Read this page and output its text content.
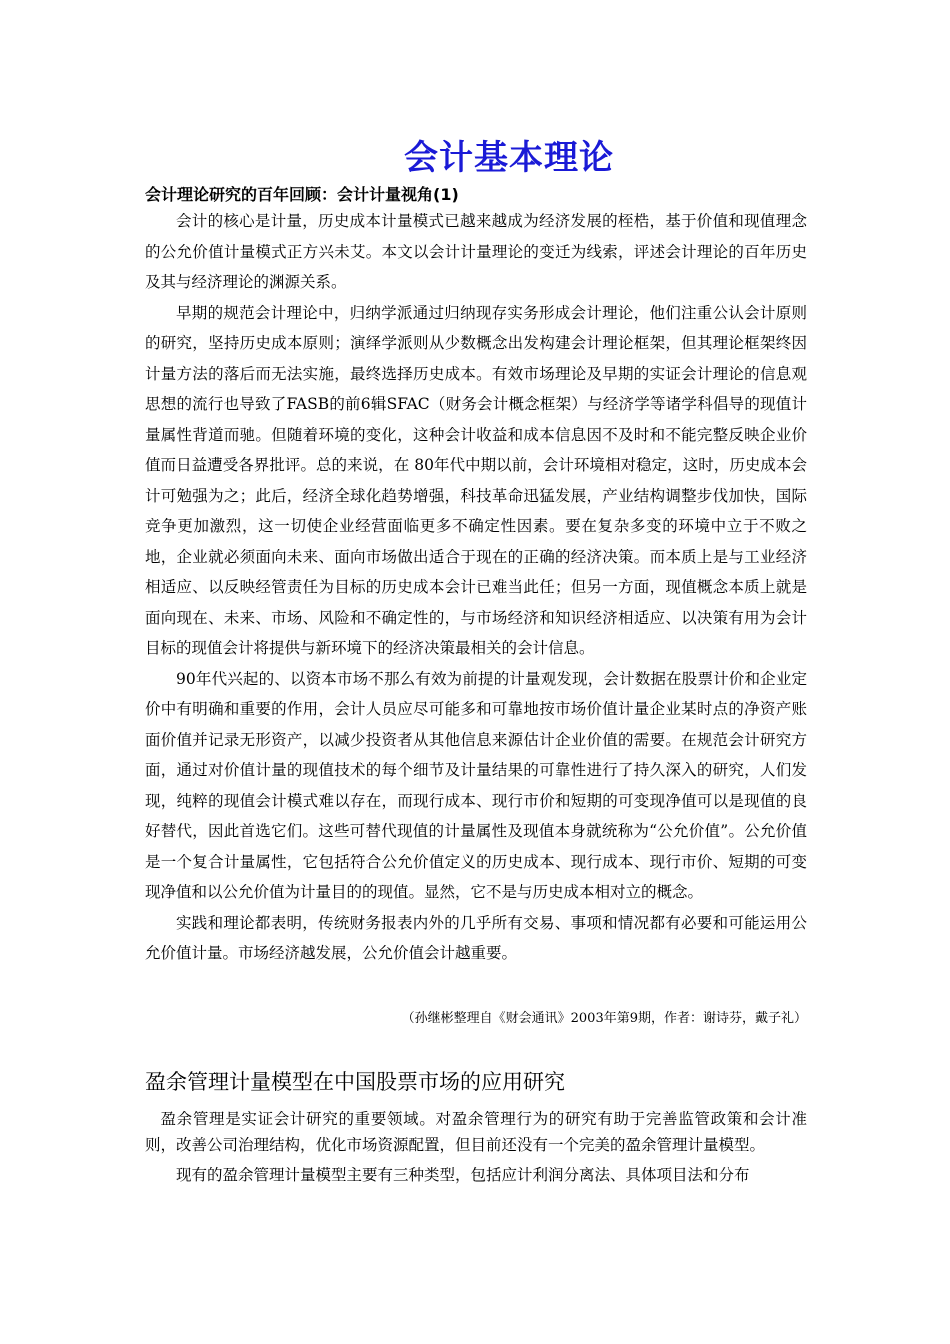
会计基本理论
会计理论研究的百年回顾：会计计量视角(1)

会计的核心是计量，历史成本计量模式已越来越成为经济发展的桎梏，基于价值和现值理念的公允价值计量模式正方兴未艾。本文以会计计量理论的变迁为线索，评述会计理论的百年历史及其与经济理论的渊源关系。

早期的规范会计理论中，归纳学派通过归纳现存实务形成会计理论，他们注重公认会计原则的研究，坚持历史成本原则；演绎学派则从少数概念出发构建会计理论框架，但其理论框架终因计量方法的落后而无法实施，最终选择历史成本。有效市场理论及早期的实证会计理论的信息观思想的流行也导致了FASB的前6辑SFAC（财务会计概念框架）与经济学等诸学科倡导的现值计量属性背道而驰。但随着环境的变化，这种会计收益和成本信息因不及时和不能完整反映企业价值而日益遭受各界批评。总的来说，在 80年代中期以前，会计环境相对稳定，这时，历史成本会计可勉强为之；此后，经济全球化趋势增强，科技革命迅猛发展，产业结构调整步伐加快，国际竞争更加激烈，这一切使企业经营面临更多不确定性因素。要在复杂多变的环境中立于不败之地，企业就必须面向未来、面向市场做出适合于现在的正确的经济决策。而本质上是与工业经济相适应、以反映经管责任为目标的历史成本会计已难当此任；但另一方面，现值概念本质上就是面向现在、未来、市场、风险和不确定性的，与市场经济和知识经济相适应、以决策有用为会计目标的现值会计将提供与新环境下的经济决策最相关的会计信息。

90年代兴起的、以资本市场不那么有效为前提的计量观发现，会计数据在股票计价和企业定价中有明确和重要的作用，会计人员应尽可能多和可靠地按市场价值计量企业某时点的净资产账面价值并记录无形资产，以减少投资者从其他信息来源估计企业价值的需要。在规范会计研究方面，通过对价值计量的现值技术的每个细节及计量结果的可靠性进行了持久深入的研究，人们发现，纯粹的现值会计模式难以存在，而现行成本、现行市价和短期的可变现净值可以是现值的良好替代，因此首选它们。这些可替代现值的计量属性及现值本身就统称为“公允价值”。公允价值是一个复合计量属性，它包括符合公允价值定义的历史成本、现行成本、现行市价、短期的可变现净值和以公允价值为计量目的的现值。显然，它不是与历史成本相对立的概念。

实践和理论都表明，传统财务报表内外的几乎所有交易、事项和情况都有必要和可能运用公允价值计量。市场经济越发展，公允价值会计越重要。

（孙继彬整理自《财会通讯》2003年第9期，作者：谢诗芬，戴子礼）

盈余管理计量模型在中国股票市场的应用研究

盈余管理是实证会计研究的重要领域。对盈余管理行为的研究有助于完善监管政策和会计准则，改善公司治理结构，优化市场资源配置，但目前还没有一个完美的盈余管理计量模型。

现有的盈余管理计量模型主要有三种类型，包括应计利润分离法、具体项目法和分布
